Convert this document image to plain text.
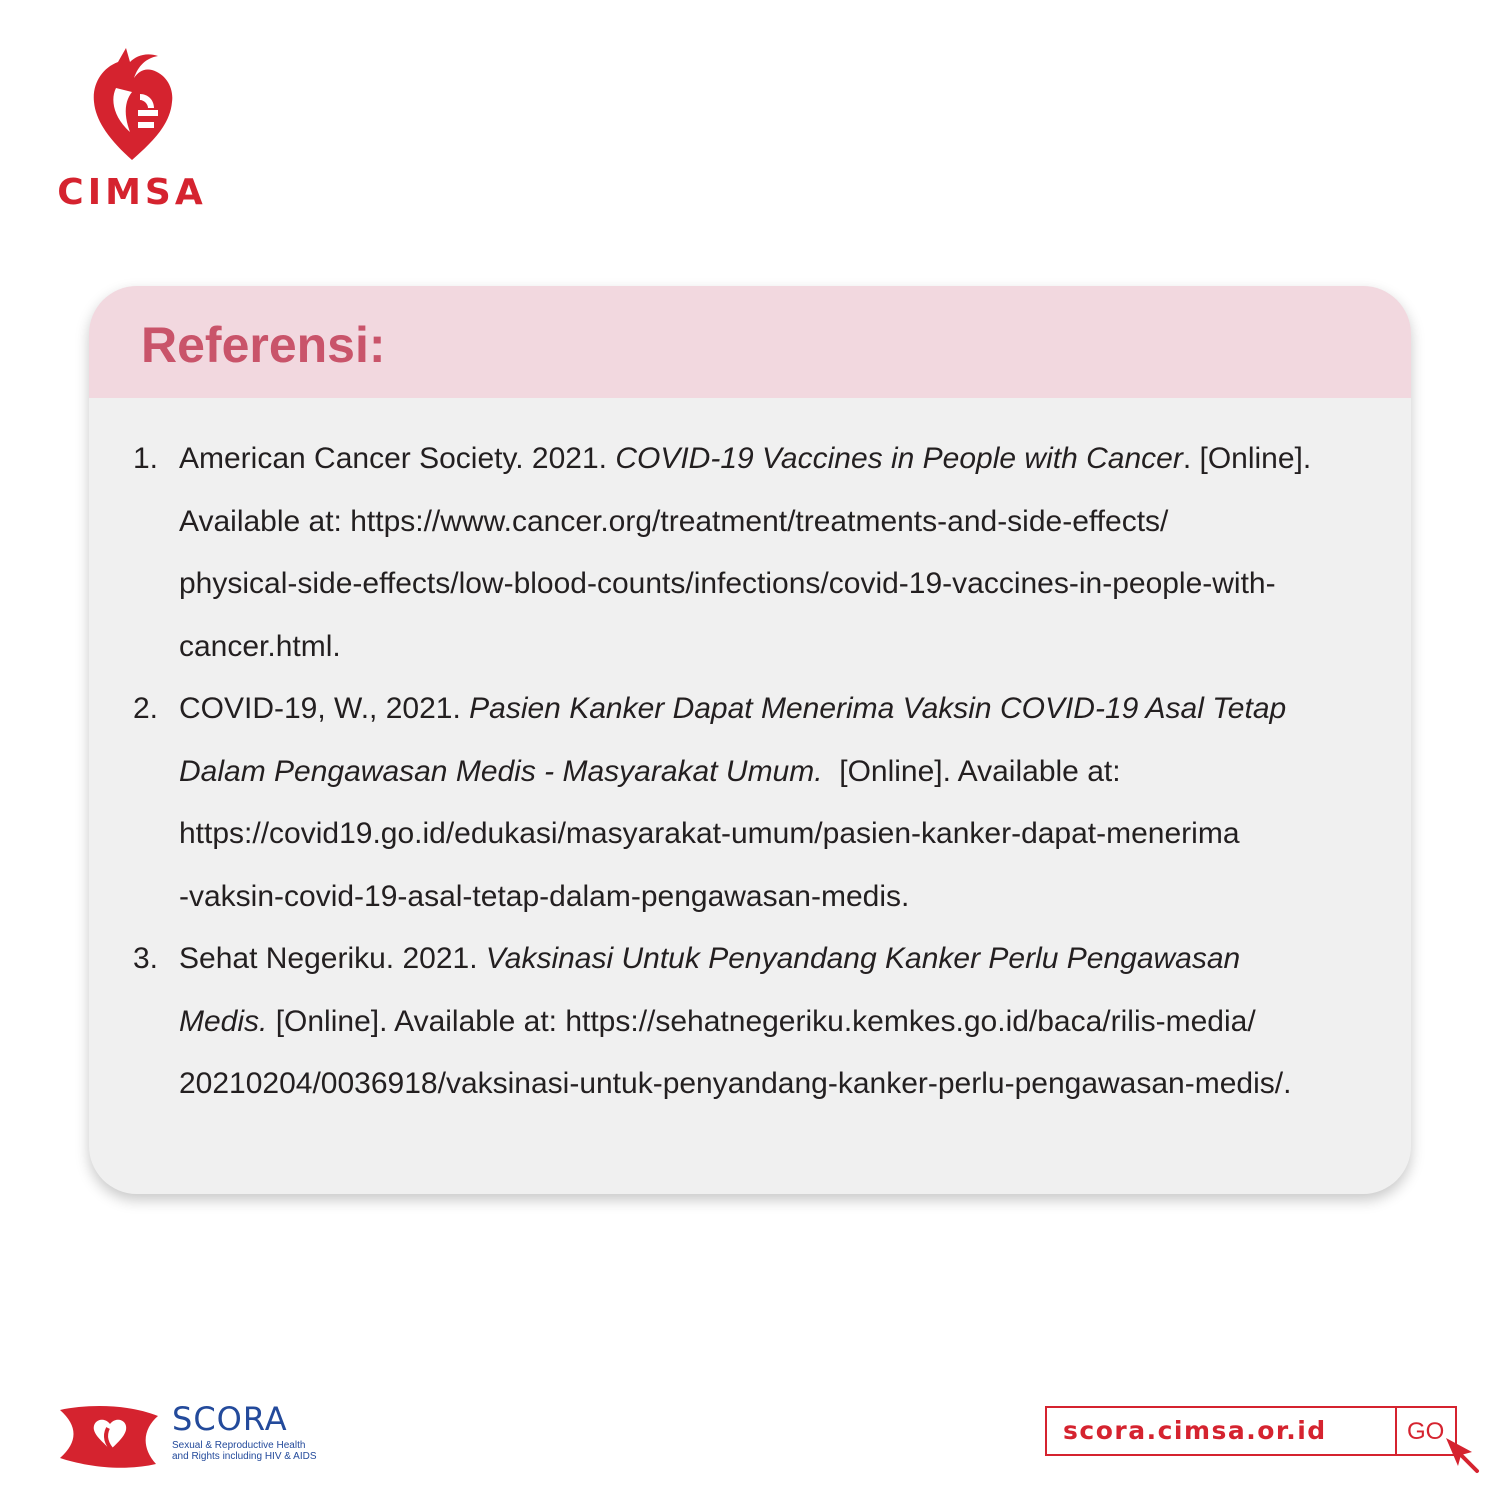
CIMSA
Referensi:
1. American Cancer Society. 2021. COVID-19 Vaccines in People with Cancer. [Online].
Available at: https://www.cancer.org/treatment/treatments-and-side-effects/
physical-side-effects/low-blood-counts/infections/covid-19-vaccines-in-people-with-
cancer.html.
2. COVID-19, W., 2021. Pasien Kanker Dapat Menerima Vaksin COVID-19 Asal Tetap
Dalam Pengawasan Medis - Masyarakat Umum.  [Online]. Available at:
https://covid19.go.id/edukasi/masyarakat-umum/pasien-kanker-dapat-menerima
-vaksin-covid-19-asal-tetap-dalam-pengawasan-medis.
3. Sehat Negeriku. 2021. Vaksinasi Untuk Penyandang Kanker Perlu Pengawasan
Medis. [Online]. Available at: https://sehatnegeriku.kemkes.go.id/baca/rilis-media/
20210204/0036918/vaksinasi-untuk-penyandang-kanker-perlu-pengawasan-medis/.
SCORA
Sexual & Reproductive Health
and Rights including HIV & AIDS
scora.cimsa.or.id	GO
